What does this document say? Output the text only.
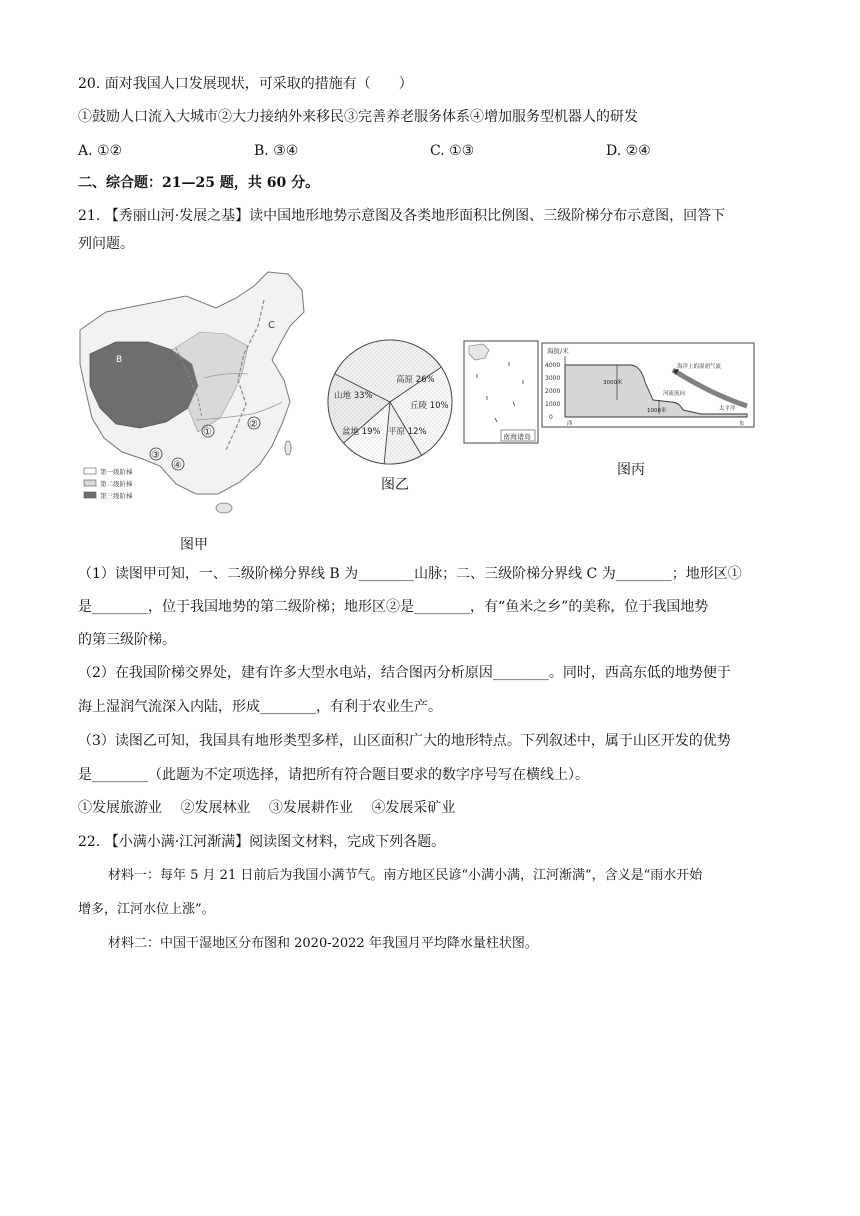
20. 面对我国人口发展现状，可采取的措施有（　　）
①鼓励人口流入大城市②大力接纳外来移民③完善养老服务体系④增加服务型机器人的研发
A. ①②	B. ③④	C. ①③	D. ②④
二、综合题：21—25 题，共 60 分。
21. 【秀丽山河·发展之基】读中国地形地势示意图及各类地形面积比例图、三级阶梯分布示意图，回答下
列问题。
B
C
①
②
③
④
第一级阶梯
第二级阶梯
第三级阶梯
图甲
山地 33%
高原 26%
丘陵 10%
平原 12%
盆地 19%	南海诸岛
图乙
海拔/米
4000
3000
2000
1000
0
3000米
1000米
海洋上的湿润气流
河流流向
太平洋
西	东
图丙
（1）读图甲可知，一、二级阶梯分界线 B 为________山脉；二、三级阶梯分界线 C 为________；地形区①
是________，位于我国地势的第二级阶梯；地形区②是________，有“鱼米之乡”的美称，位于我国地势
的第三级阶梯。
（2）在我国阶梯交界处，建有许多大型水电站，结合图丙分析原因________。同时，西高东低的地势便于
海上湿润气流深入内陆，形成________，有利于农业生产。
（3）读图乙可知，我国具有地形类型多样，山区面积广大的地形特点。下列叙述中，属于山区开发的优势
是________（此题为不定项选择，请把所有符合题目要求的数字序号写在横线上）。
①发展旅游业　 ②发展林业　 ③发展耕作业　 ④发展采矿业
22. 【小满小满·江河渐满】阅读图文材料，完成下列各题。
材料一：每年 5 月 21 日前后为我国小满节气。南方地区民谚“小满小满，江河渐满”，含义是“雨水开始
增多，江河水位上涨”。
材料二：中国干湿地区分布图和 2020-2022 年我国月平均降水量柱状图。
